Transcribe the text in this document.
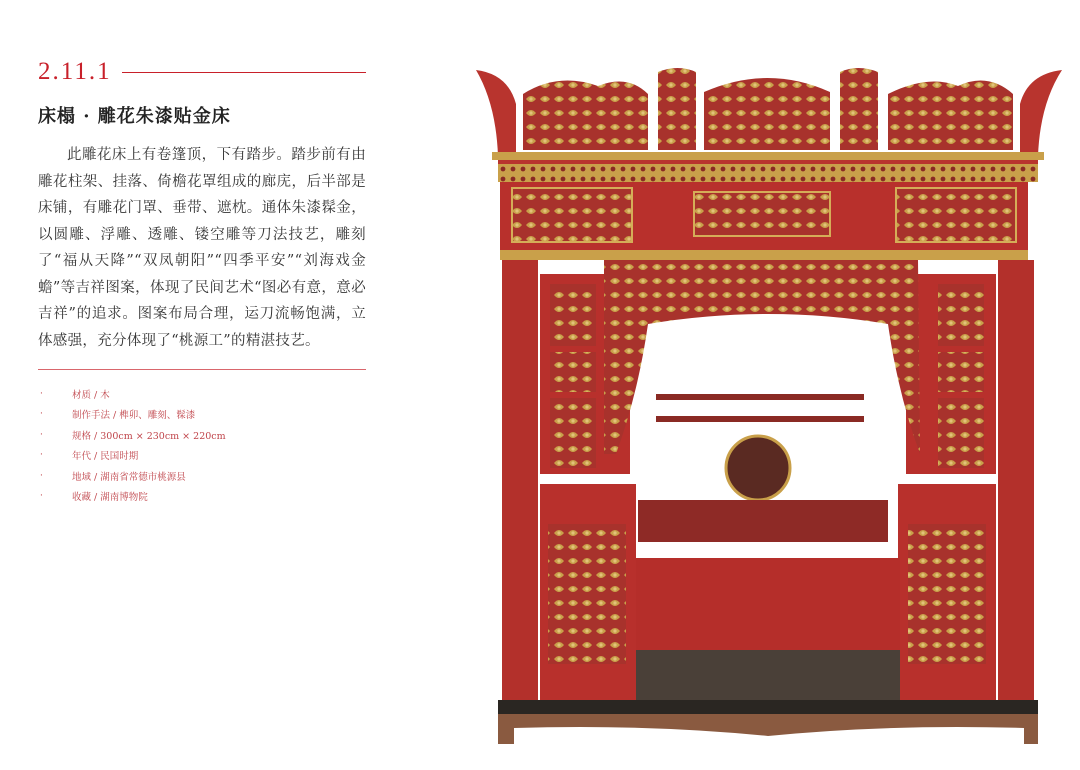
2.11.1
床榻 · 雕花朱漆贴金床

此雕花床上有卷篷顶，下有踏步。踏步前有由雕花柱架、挂落、倚檐花罩组成的廊庑，后半部是床铺，有雕花门罩、垂带、遮枕。通体朱漆髹金，以圆雕、浮雕、透雕、镂空雕等刀法技艺，雕刻了“福从天降”“双凤朝阳”“四季平安”“刘海戏金蟾”等吉祥图案，体现了民间艺术“图必有意，意必吉祥”的追求。图案布局合理，运刀流畅饱满，立体感强，充分体现了“桃源工”的精湛技艺。

·	材质 / 木
·	制作手法 / 榫卯、雕刻、髹漆
·	规格 / 300cm × 230cm × 220cm
·	年代 / 民国时期
·	地域 / 湖南省常德市桃源县
·	收藏 / 湖南博物院
